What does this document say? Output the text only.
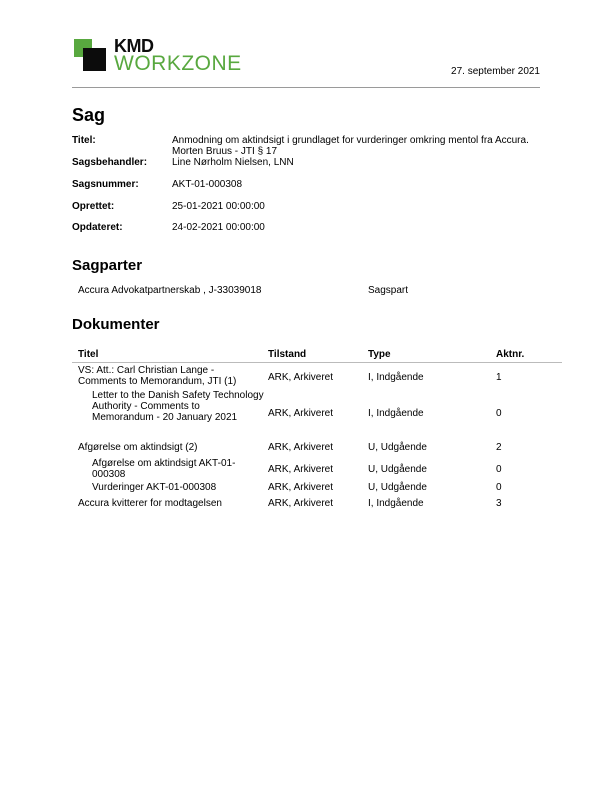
KMD
WORKZONE	27. september 2021
Sag
Titel:	Anmodning om aktindsigt i grundlaget for vurderinger omkring mentol fra Accura. Morten Bruus - JTI § 17
Sagsbehandler: Line Nørholm Nielsen, LNN
Sagsnummer:	AKT-01-000308
Oprettet:	25-01-2021 00:00:00
Opdateret:	24-02-2021 00:00:00
Sagparter
Accura Advokatpartnerskab , J-33039018	Sagspart
Dokumenter
Titel	Tilstand	Type	Aktnr.
VS: Att.: Carl Christian Lange - Comments to Memorandum, JTI (1)	ARK, Arkiveret	I, Indgående	1
Letter to the Danish Safety Technology Authority - Comments to Memorandum - 20 January 2021	ARK, Arkiveret	I, Indgående	0
Afgørelse om aktindsigt (2)	ARK, Arkiveret	U, Udgående	2
Afgørelse om aktindsigt AKT-01-000308	ARK, Arkiveret	U, Udgående	0
Vurderinger AKT-01-000308	ARK, Arkiveret	U, Udgående	0
Accura kvitterer for modtagelsen	ARK, Arkiveret	I, Indgående	3
